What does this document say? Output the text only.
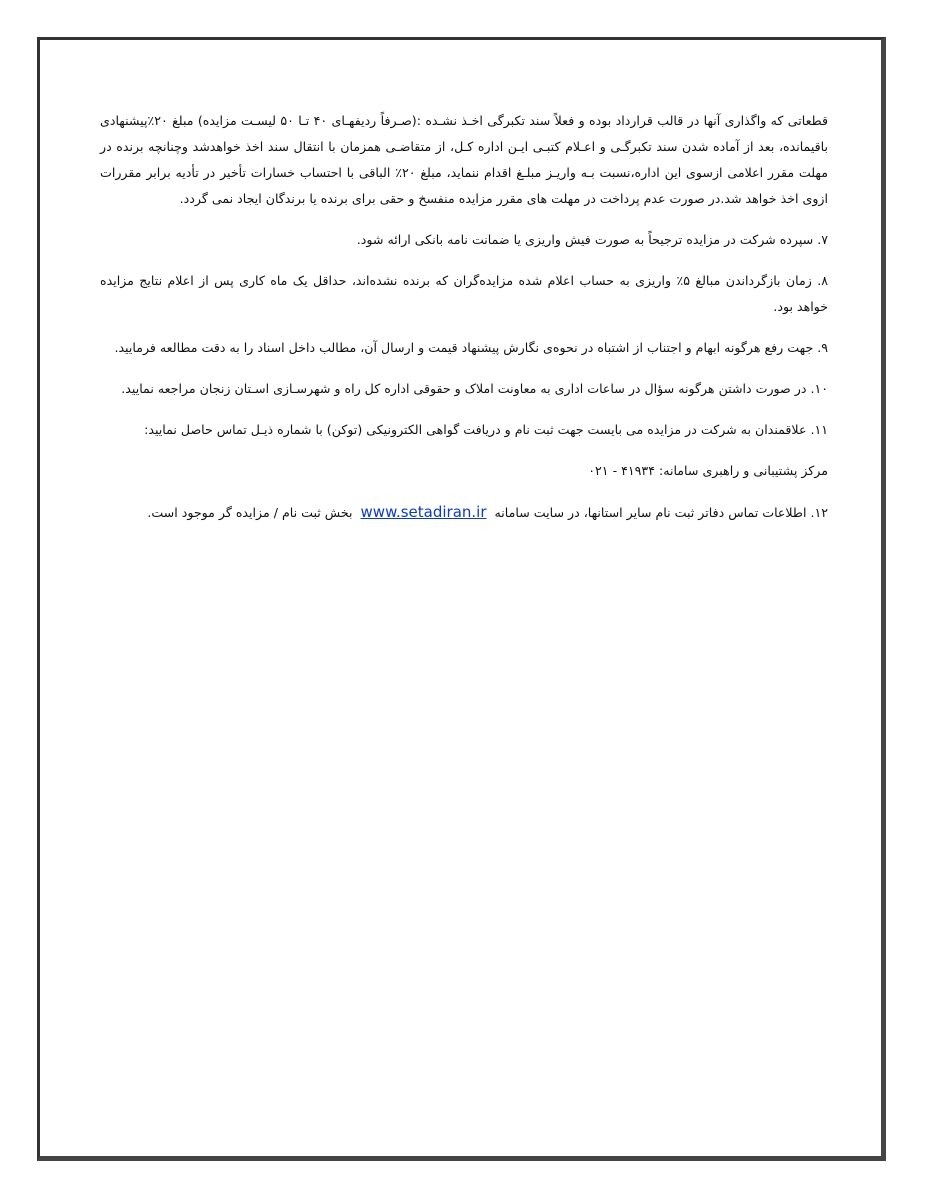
قطعاتی که واگذاری آنها در قالب قرارداد بوده و فعلاً سند تکبرگی اخـذ نشـده :(صـرفاً ردیفهـای ۴۰ تـا ۵۰ لیسـت مزایده) مبلغ ۲۰٪پیشنهادی باقیمانده، بعد از آماده شدن سند تکبرگـی و اعـلام کتبـی ایـن اداره کـل، از متقاضـی همزمان با انتقال سند اخذ خواهدشد وچنانچه برنده در مهلت مقرر اعلامی ازسوی این اداره،نسبت بـه واریـز مبلـغ اقدام ننماید، مبلغ ۲۰٪ الباقی با احتساب خسارات تأخیر در تأدیه برابر مقررات ازوی اخذ خواهد شد.در صورت عدم پرداخت در مهلت های مقرر مزایده منفسخ و حقی برای برنده یا برندگان ایجاد نمی گردد.

۷. سپرده شرکت در مزایده ترجیحاً به صورت فیش واریزی یا ضمانت نامه بانکی ارائه شود.

۸. زمان بازگرداندن مبالغ ۵٪ واریزی به حساب اعلام شده مزایده‌گران که برنده نشده‌اند، حداقل یک ماه کاری پس از اعلام نتایج مزایده خواهد بود.

۹. جهت رفع هرگونه ابهام و اجتناب از اشتباه در نحوه‌ی نگارش پیشنهاد قیمت و ارسال آن، مطالب داخل اسناد را به دقت مطالعه فرمایید.

۱۰. در صورت داشتن هرگونه سؤال در ساعات اداری به معاونت املاک و حقوقی اداره کل راه و شهرسـازی اسـتان زنجان مراجعه نمایید.

۱۱. علاقمندان به شرکت در مزایده می بایست جهت ثبت نام و دریافت گواهی الکترونیکی (توکن) با شماره ذیـل تماس حاصل نمایید:

مرکز پشتیبانی و راهبری سامانه: ۴۱۹۳۴ - ۰۲۱

۱۲. اطلاعات تماس دفاتر ثبت نام سایر استانها، در سایت سامانه www.setadiran.ir بخش ثبت نام / مزایده گر موجود است.
